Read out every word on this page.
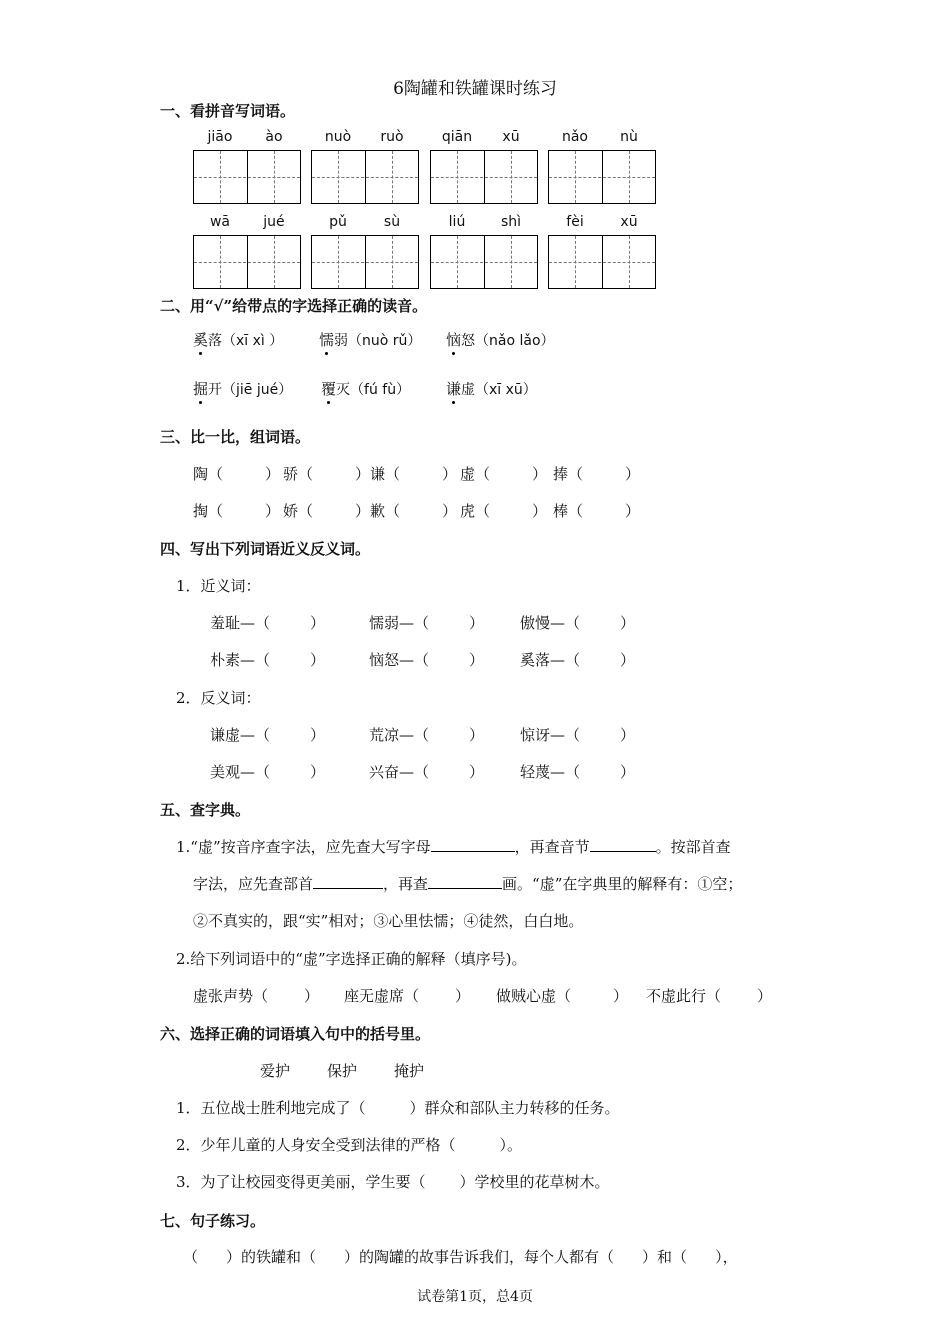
6陶罐和铁罐课时练习
一、看拼音写词语。
jiāo	ào	nuò	ruò	qiān	xū	nǎo	nù
wā	jué	pǔ	sù	liú	shì	fèi	xū
二、用“√”给带点的字选择正确的读音。
奚落（xī xì ） 懦弱（nuò rǔ） 恼怒（nǎo lǎo）
掘开（jiē jué） 覆灭（fú fù） 谦虚（xī xū）
三、比一比，组词语。
陶（	） 骄（	） 谦（	） 虚（	） 捧（	）
掏（	） 娇（	） 歉（	） 虎（	） 棒（	）
四、写出下列词语近义反义词。
1．近义词：
2．反义词：
羞耻—（	）	懦弱—（	） 傲慢—（	）
朴素—（	）	恼怒—（	） 奚落—（	）
谦虚—（	）	荒凉—（	） 惊讶—（	）
美观—（	）	兴奋—（	） 轻蔑—（	）
五、查字典。
1.“虚”按音序查字法，应先查大写字母	，再查音节	。按部首查
字法，应先查部首	，再查	画。“虚”在字典里的解释有：①空；
②不真实的，跟“实”相对；③心里怯懦；④徒然，白白地。
2.给下列词语中的“虚”字选择正确的解释（填序号)。
虚张声势（ ） 座无虚席（ ） 做贼心虚（	） 不虚此行（ ）
六、选择正确的词语填入句中的括号里。
爱护 保护 掩护
1．五位战士胜利地完成了（	）群众和部队主力转移的任务。
2．少年儿童的人身安全受到法律的严格（	）。
3．为了让校园变得更美丽，学生要（ ）学校里的花草树木。
七、句子练习。
（ ）的铁罐和（ ）的陶罐的故事告诉我们，每个人都有（ ）和（ ），
试卷第1页，总4页
